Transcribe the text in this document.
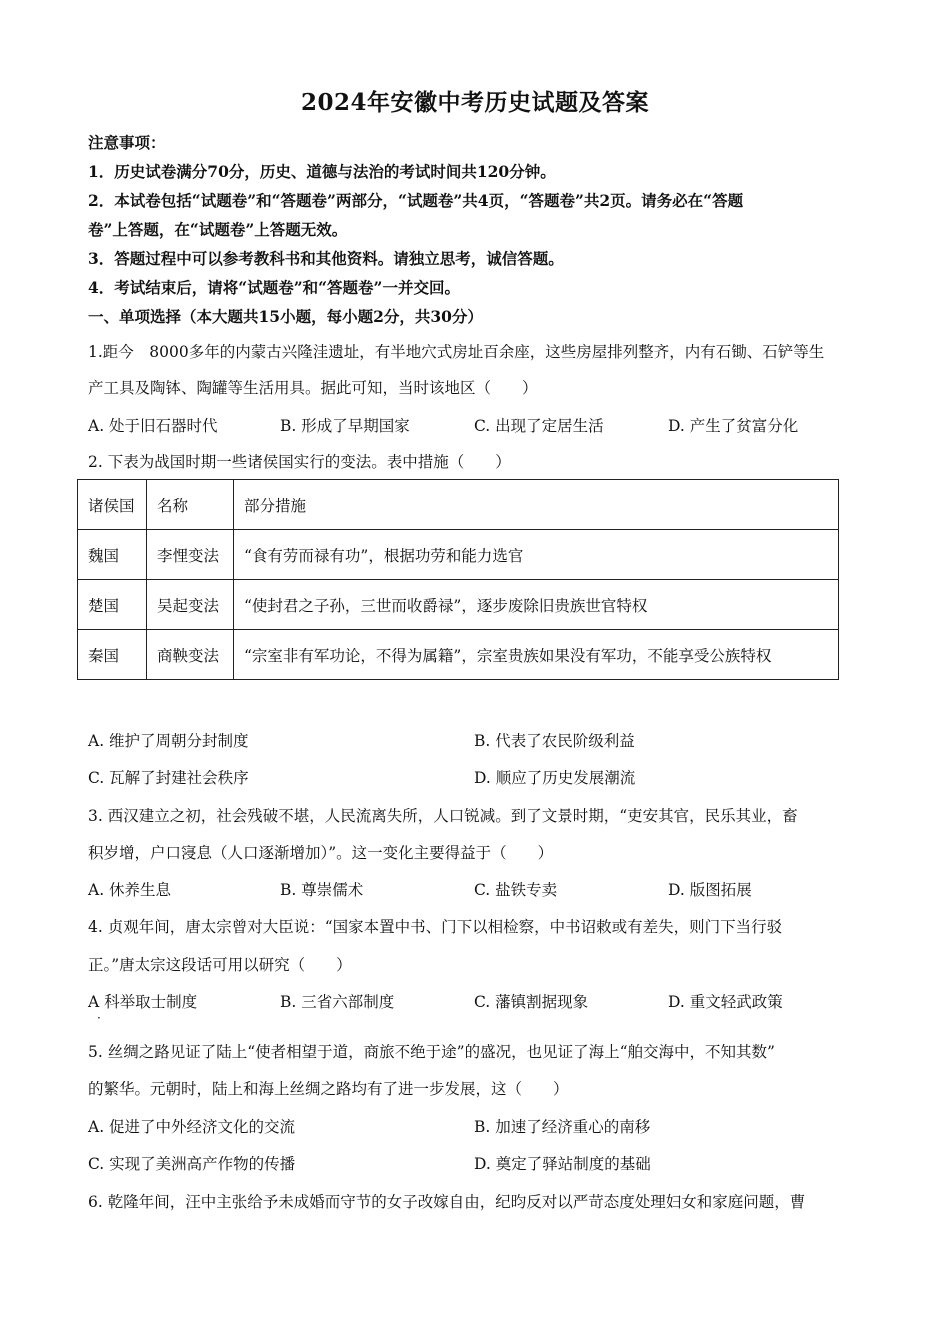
2024年安徽中考历史试题及答案
注意事项：
1．历史试卷满分70分，历史、道德与法治的考试时间共120分钟。
2．本试卷包括“试题卷”和“答题卷”两部分，“试题卷”共4页，“答题卷”共2页。请务必在“答题
卷”上答题，在“试题卷”上答题无效。
3．答题过程中可以参考教科书和其他资料。请独立思考，诚信答题。
4．考试结束后，请将“试题卷”和“答题卷”一并交回。
一、单项选择（本大题共15小题，每小题2分，共30分）
1.距今　8000多年的内蒙古兴隆洼遗址，有半地穴式房址百余座，这些房屋排列整齐，内有石锄、石铲等生
产工具及陶钵、陶罐等生活用具。据此可知，当时该地区（　　）
A. 处于旧石器时代	B. 形成了早期国家	C. 出现了定居生活	D. 产生了贫富分化
2. 下表为战国时期一些诸侯国实行的变法。表中措施（　　）
诸侯国	名称	部分措施
魏国	李悝变法	“食有劳而禄有功”，根据功劳和能力选官
楚国	吴起变法	“使封君之子孙，三世而收爵禄”，逐步废除旧贵族世官特权
秦国	商鞅变法	“宗室非有军功论，不得为属籍”，宗室贵族如果没有军功，不能享受公族特权
A. 维护了周朝分封制度	B. 代表了农民阶级利益
C. 瓦解了封建社会秩序	D. 顺应了历史发展潮流
3. 西汉建立之初，社会残破不堪，人民流离失所，人口锐减。到了文景时期，“吏安其官，民乐其业，畜
积岁增，户口寖息（人口逐渐增加）”。这一变化主要得益于（　　）
A. 休养生息	B. 尊崇儒术	C. 盐铁专卖	D. 版图拓展
4. 贞观年间，唐太宗曾对大臣说：“国家本置中书、门下以相检察，中书诏敕或有差失，则门下当行驳
正。”唐太宗这段话可用以研究（　　）
A 科举取士制度
·
B. 三省六部制度	C. 藩镇割据现象	D. 重文轻武政策
5. 丝绸之路见证了陆上“使者相望于道，商旅不绝于途”的盛况，也见证了海上“舶交海中，不知其数”
的繁华。元朝时，陆上和海上丝绸之路均有了进一步发展，这（　　）
A. 促进了中外经济文化的交流	B. 加速了经济重心的南移
C. 实现了美洲高产作物的传播	D. 奠定了驿站制度的基础
6. 乾隆年间，汪中主张给予未成婚而守节的女子改嫁自由，纪昀反对以严苛态度处理妇女和家庭问题，曹
